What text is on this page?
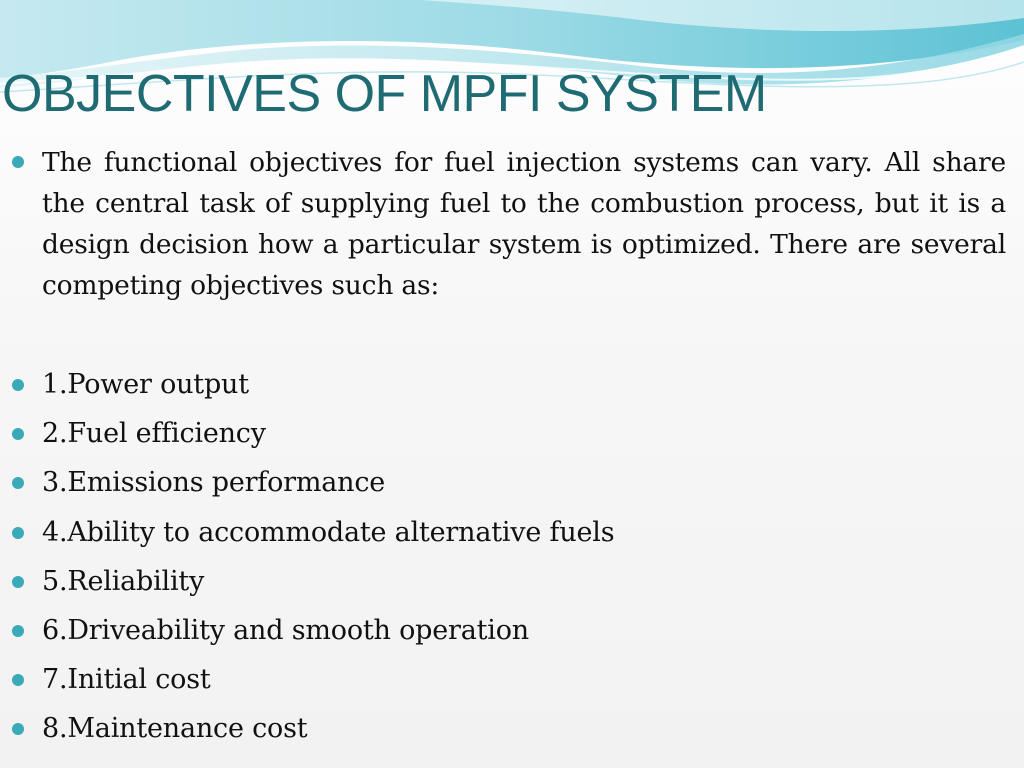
OBJECTIVES OF MPFI SYSTEM
The functional objectives for fuel injection systems can vary. All share the central task of supplying fuel to the combustion process, but it is a design decision how a particular system is optimized. There are several competing objectives such as:
1.Power output
2.Fuel efficiency
3.Emissions performance
4.Ability to accommodate alternative fuels
5.Reliability
6.Driveability and smooth operation
7.Initial cost
8.Maintenance cost
